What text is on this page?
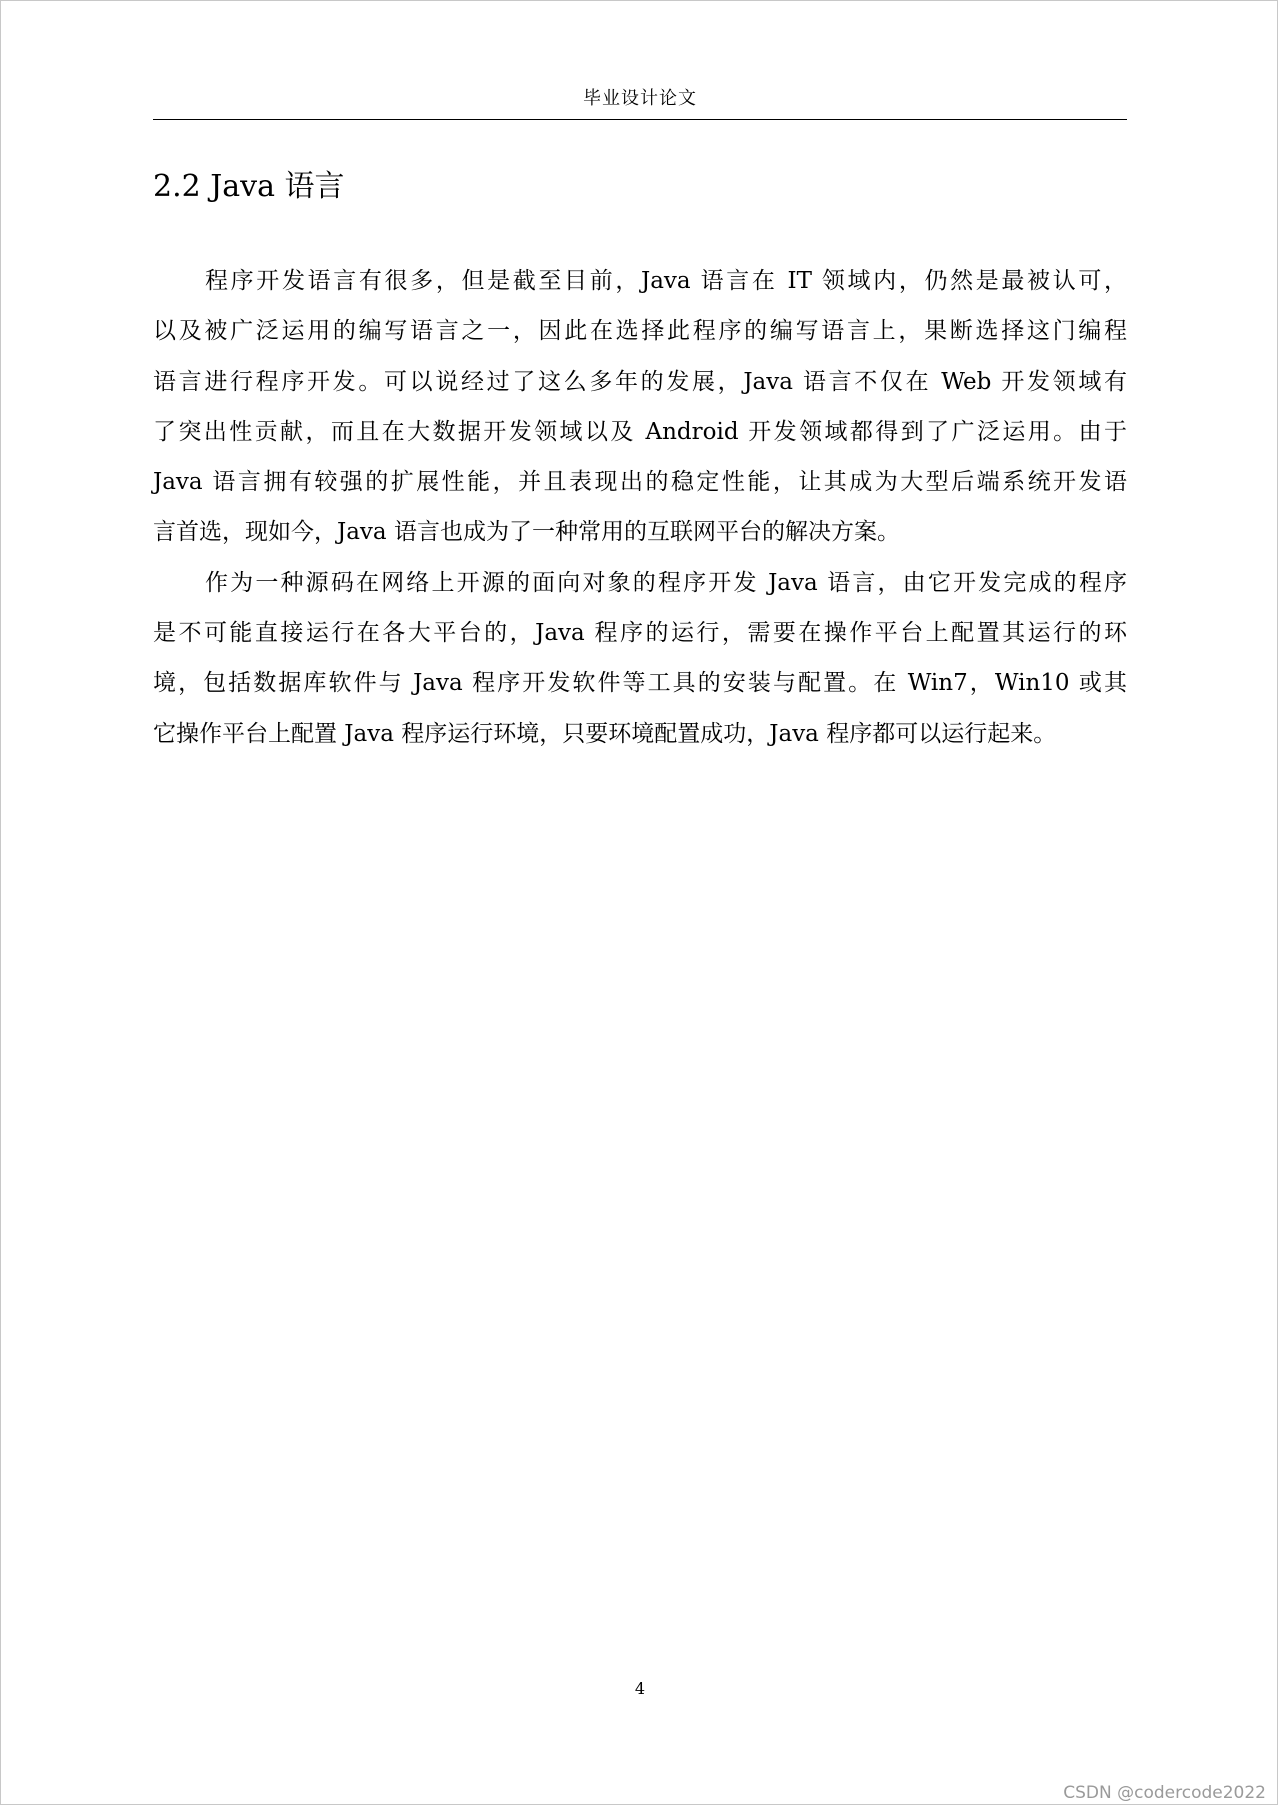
毕业设计论文
2.2 Java 语言
程序开发语言有很多，但是截至目前，Java 语言在 IT 领域内，仍然是最被认可，
以及被广泛运用的编写语言之一，因此在选择此程序的编写语言上，果断选择这门编程
语言进行程序开发。可以说经过了这么多年的发展，Java 语言不仅在 Web 开发领域有
了突出性贡献，而且在大数据开发领域以及 Android 开发领域都得到了广泛运用。由于
Java 语言拥有较强的扩展性能，并且表现出的稳定性能，让其成为大型后端系统开发语
言首选，现如今，Java 语言也成为了一种常用的互联网平台的解决方案。
作为一种源码在网络上开源的面向对象的程序开发 Java 语言，由它开发完成的程序
是不可能直接运行在各大平台的，Java 程序的运行，需要在操作平台上配置其运行的环
境，包括数据库软件与 Java 程序开发软件等工具的安装与配置。在 Win7，Win10 或其
它操作平台上配置 Java 程序运行环境，只要环境配置成功，Java 程序都可以运行起来。
4
CSDN @codercode2022
